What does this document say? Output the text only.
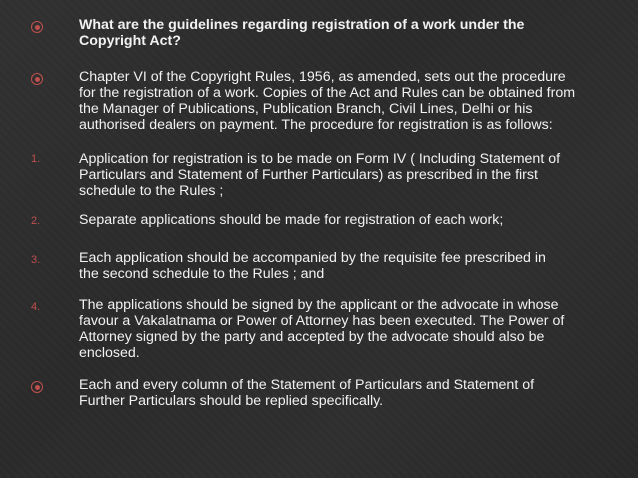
What are the guidelines regarding registration of a work under the
Copyright Act?
Chapter VI of the Copyright Rules, 1956, as amended, sets out the procedure
for the registration of a work. Copies of the Act and Rules can be obtained from
the Manager of Publications, Publication Branch, Civil Lines, Delhi or his
authorised dealers on payment. The procedure for registration is as follows:
1.	Application for registration is to be made on Form IV ( Including Statement of
Particulars and Statement of Further Particulars) as prescribed in the first
schedule to the Rules ;
2.	Separate applications should be made for registration of each work;
3.	Each application should be accompanied by the requisite fee prescribed in
the second schedule to the Rules ; and
4.	The applications should be signed by the applicant or the advocate in whose
favour a Vakalatnama or Power of Attorney has been executed. The Power of
Attorney signed by the party and accepted by the advocate should also be
enclosed.
Each and every column of the Statement of Particulars and Statement of
Further Particulars should be replied specifically.
